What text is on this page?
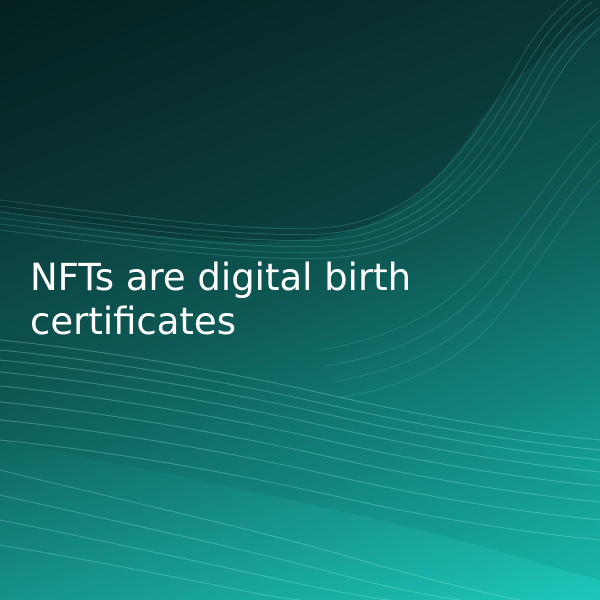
NFTs are digital birth certificates
